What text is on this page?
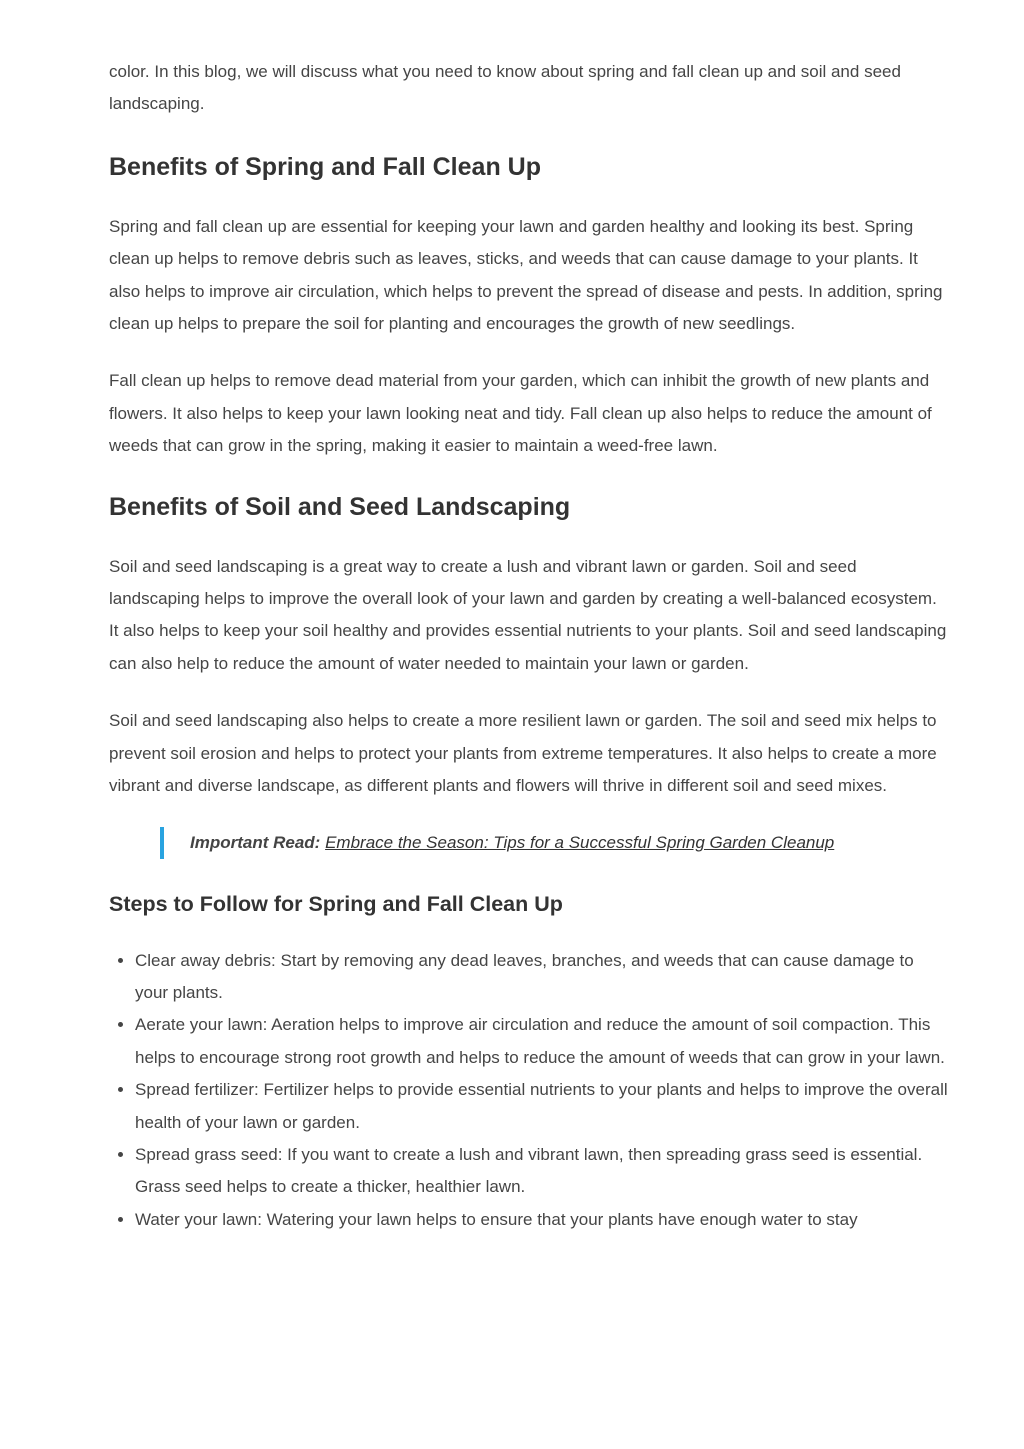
color. In this blog, we will discuss what you need to know about spring and fall clean up and soil and seed landscaping.

Benefits of Spring and Fall Clean Up

Spring and fall clean up are essential for keeping your lawn and garden healthy and looking its best. Spring clean up helps to remove debris such as leaves, sticks, and weeds that can cause damage to your plants. It also helps to improve air circulation, which helps to prevent the spread of disease and pests. In addition, spring clean up helps to prepare the soil for planting and encourages the growth of new seedlings.

Fall clean up helps to remove dead material from your garden, which can inhibit the growth of new plants and flowers. It also helps to keep your lawn looking neat and tidy. Fall clean up also helps to reduce the amount of weeds that can grow in the spring, making it easier to maintain a weed-free lawn.

Benefits of Soil and Seed Landscaping

Soil and seed landscaping is a great way to create a lush and vibrant lawn or garden. Soil and seed landscaping helps to improve the overall look of your lawn and garden by creating a well-balanced ecosystem. It also helps to keep your soil healthy and provides essential nutrients to your plants. Soil and seed landscaping can also help to reduce the amount of water needed to maintain your lawn or garden.

Soil and seed landscaping also helps to create a more resilient lawn or garden. The soil and seed mix helps to prevent soil erosion and helps to protect your plants from extreme temperatures. It also helps to create a more vibrant and diverse landscape, as different plants and flowers will thrive in different soil and seed mixes.

Important Read: Embrace the Season: Tips for a Successful Spring Garden Cleanup
Steps to Follow for Spring and Fall Clean Up
• Clear away debris: Start by removing any dead leaves, branches, and weeds that can cause damage to your plants.
• Aerate your lawn: Aeration helps to improve air circulation and reduce the amount of soil compaction. This helps to encourage strong root growth and helps to reduce the amount of weeds that can grow in your lawn.
• Spread fertilizer: Fertilizer helps to provide essential nutrients to your plants and helps to improve the overall health of your lawn or garden.
• Spread grass seed: If you want to create a lush and vibrant lawn, then spreading grass seed is essential. Grass seed helps to create a thicker, healthier lawn.
• Water your lawn: Watering your lawn helps to ensure that your plants have enough water to stay
